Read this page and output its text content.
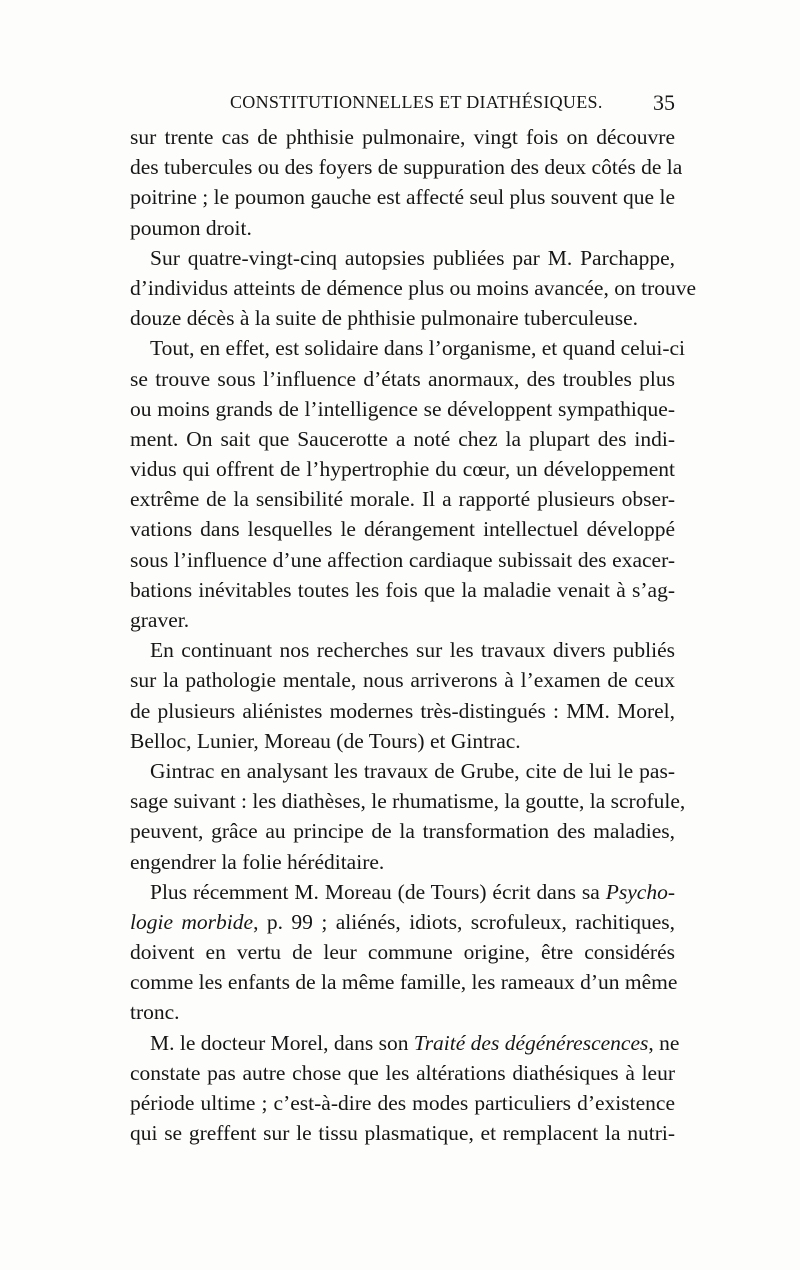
CONSTITUTIONNELLES ET DIATHÉSIQUES. 35
sur trente cas de phthisie pulmonaire, vingt fois on découvre
des tubercules ou des foyers de suppuration des deux côtés de la
poitrine ; le poumon gauche est affecté seul plus souvent que le
poumon droit.
Sur quatre-vingt-cinq autopsies publiées par M. Parchappe,
d’individus atteints de démence plus ou moins avancée, on trouve
douze décès à la suite de phthisie pulmonaire tuberculeuse.
Tout, en effet, est solidaire dans l’organisme, et quand celui-ci
se trouve sous l’influence d’états anormaux, des troubles plus
ou moins grands de l’intelligence se développent sympathique-
ment. On sait que Saucerotte a noté chez la plupart des indi-
vidus qui offrent de l’hypertrophie du cœur, un développement
extrême de la sensibilité morale. Il a rapporté plusieurs obser-
vations dans lesquelles le dérangement intellectuel développé
sous l’influence d’une affection cardiaque subissait des exacer-
bations inévitables toutes les fois que la maladie venait à s’ag-
graver.
En continuant nos recherches sur les travaux divers publiés
sur la pathologie mentale, nous arriverons à l’examen de ceux
de plusieurs aliénistes modernes très-distingués : MM. Morel,
Belloc, Lunier, Moreau (de Tours) et Gintrac.
Gintrac en analysant les travaux de Grube, cite de lui le pas-
sage suivant : les diathèses, le rhumatisme, la goutte, la scrofule,
peuvent, grâce au principe de la transformation des maladies,
engendrer la folie héréditaire.
Plus récemment M. Moreau (de Tours) écrit dans sa Psycho-
logie morbide, p. 99 ; aliénés, idiots, scrofuleux, rachitiques,
doivent en vertu de leur commune origine, être considérés
comme les enfants de la même famille, les rameaux d’un même
tronc.
M. le docteur Morel, dans son Traité des dégénérescences, ne
constate pas autre chose que les altérations diathésiques à leur
période ultime ; c’est-à-dire des modes particuliers d’existence
qui se greffent sur le tissu plasmatique, et remplacent la nutri-
